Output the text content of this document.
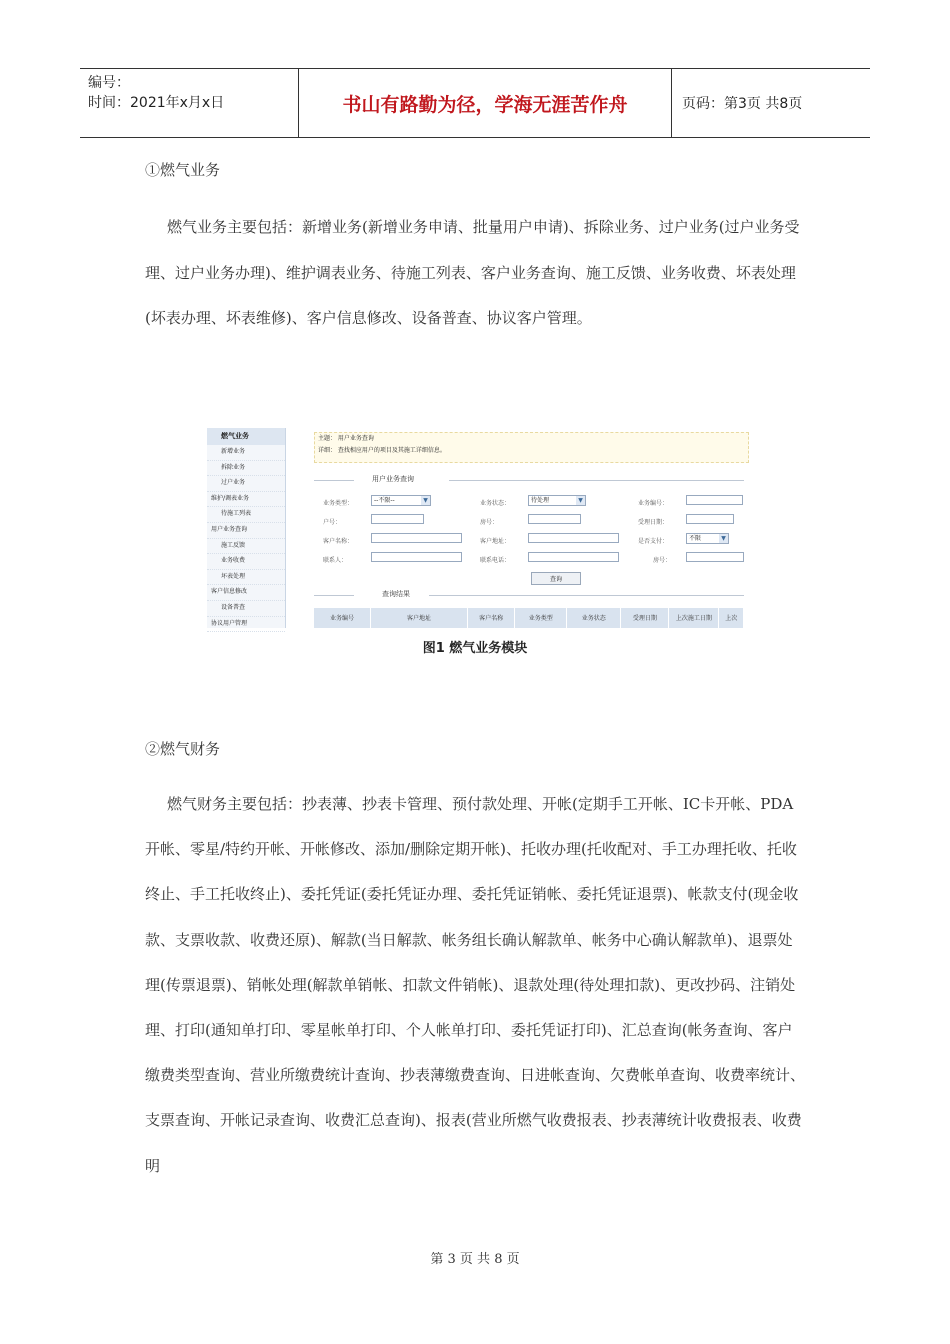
编号：
时间：2021年x月x日	书山有路勤为径，学海无涯苦作舟	页码：第3页 共8页
①燃气业务
燃气业务主要包括：新增业务(新增业务申请、批量用户申请)、拆除业务、过户业务(过户业务受理、过户业务办理)、维护调表业务、待施工列表、客户业务查询、施工反馈、业务收费、坏表处理(坏表办理、坏表维修)、客户信息修改、设备普查、协议客户管理。
燃气业务
新增业务
拆除业务
过户业务
维护/调表业务
待施工列表
用户业务查询
施工反馈
业务收费
坏表处理
客户信息修改
设备普查
协议用户管理
主题： 用户业务查询
详细： 查找相应用户的项目及其施工详细信息。
用户业务查询
业务类型：	--不限--	▼	业务状态：	待处理	▼	业务编号：
户号：	房号：	受理日期：
客户名称：	客户地址：	是否支付：	不限	▼
联系人：	联系电话：	房号：
查询
查询结果
业务编号	客户地址	客户名称	业务类型	业务状态	受理日期	上次施工日期	上次
图1 燃气业务模块
②燃气财务
燃气财务主要包括：抄表薄、抄表卡管理、预付款处理、开帐(定期手工开帐、IC卡开帐、PDA开帐、零星/特约开帐、开帐修改、添加/删除定期开帐)、托收办理(托收配对、手工办理托收、托收终止、手工托收终止)、委托凭证(委托凭证办理、委托凭证销帐、委托凭证退票)、帐款支付(现金收款、支票收款、收费还原)、解款(当日解款、帐务组长确认解款单、帐务中心确认解款单)、退票处理(传票退票)、销帐处理(解款单销帐、扣款文件销帐)、退款处理(待处理扣款)、更改抄码、注销处理、打印(通知单打印、零星帐单打印、个人帐单打印、委托凭证打印)、汇总查询(帐务查询、客户缴费类型查询、营业所缴费统计查询、抄表薄缴费查询、日进帐查询、欠费帐单查询、收费率统计、支票查询、开帐记录查询、收费汇总查询)、报表(营业所燃气收费报表、抄表薄统计收费报表、收费明
第 3 页 共 8 页
